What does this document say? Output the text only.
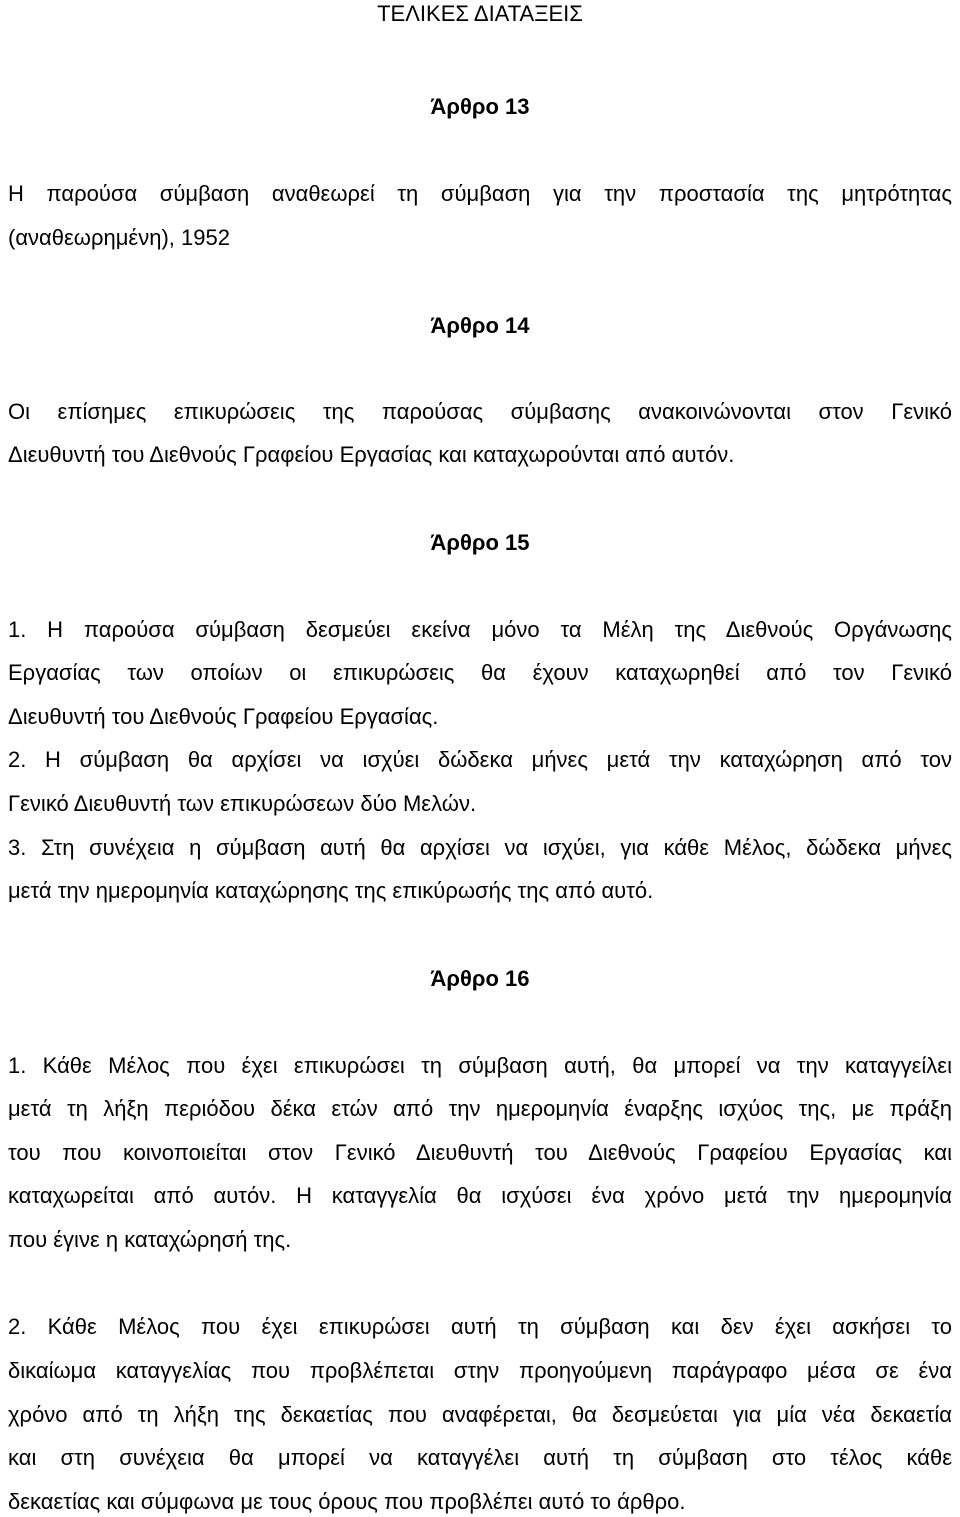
ΤΕΛΙΚΕΣ ΔΙΑΤΑΞΕΙΣ
Άρθρο 13
Η παρούσα σύμβαση αναθεωρεί τη σύμβαση για την προστασία της μητρότητας
(αναθεωρημένη), 1952
Άρθρο 14
Οι επίσημες επικυρώσεις της παρούσας σύμβασης ανακοινώνονται στον Γενικό
Διευθυντή του Διεθνούς Γραφείου Εργασίας και καταχωρούνται από αυτόν.
Άρθρο 15
1. Η παρούσα σύμβαση δεσμεύει εκείνα μόνο τα Μέλη της Διεθνούς Οργάνωσης
Εργασίας των οποίων οι επικυρώσεις θα έχουν καταχωρηθεί από τον Γενικό
Διευθυντή του Διεθνούς Γραφείου Εργασίας.
2. Η σύμβαση θα αρχίσει να ισχύει δώδεκα μήνες μετά την καταχώρηση από τον
Γενικό Διευθυντή των επικυρώσεων δύο Μελών.
3. Στη συνέχεια η σύμβαση αυτή θα αρχίσει να ισχύει, για κάθε Μέλος, δώδεκα μήνες
μετά την ημερομηνία καταχώρησης της επικύρωσής της από αυτό.
Άρθρο 16
1. Κάθε Μέλος που έχει επικυρώσει τη σύμβαση αυτή, θα μπορεί να την καταγγείλει
μετά τη λήξη περιόδου δέκα ετών από την ημερομηνία έναρξης ισχύος της, με πράξη
του που κοινοποιείται στον Γενικό Διευθυντή του Διεθνούς Γραφείου Εργασίας και
καταχωρείται από αυτόν. Η καταγγελία θα ισχύσει ένα χρόνο μετά την ημερομηνία
που έγινε η καταχώρησή της.
2. Κάθε Μέλος που έχει επικυρώσει αυτή τη σύμβαση και δεν έχει ασκήσει το
δικαίωμα καταγγελίας που προβλέπεται στην προηγούμενη παράγραφο μέσα σε ένα
χρόνο από τη λήξη της δεκαετίας που αναφέρεται, θα δεσμεύεται για μία νέα δεκαετία
και στη συνέχεια θα μπορεί να καταγγέλει αυτή τη σύμβαση στο τέλος κάθε
δεκαετίας και σύμφωνα με τους όρους που προβλέπει αυτό το άρθρο.
